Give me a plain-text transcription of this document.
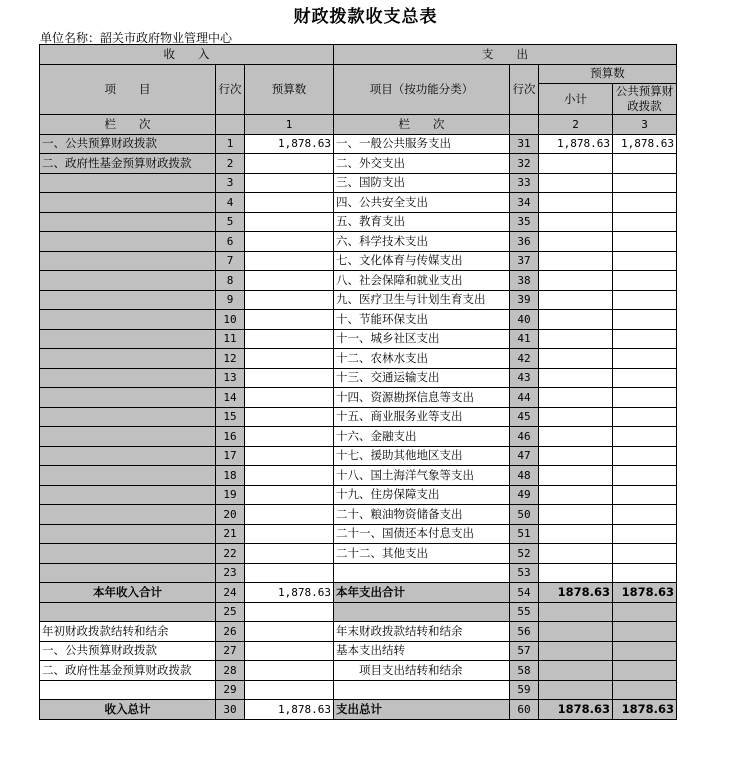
财政拨款收支总表
单位名称：韶关市政府物业管理中心
收　　入			支　　出			
项　　目	行次	预算数	项目（按功能分类）	行次	预算数	
					小计	公共预算财政拨款

栏　　次		1	栏　　次		2	3
一、公共预算财政拨款	1	1,878.63	一、一般公共服务支出	31	1,878.63	1,878.63
二、政府性基金预算财政拨款	2		二、外交支出	32		
	3		三、国防支出	33		
	4		四、公共安全支出	34		
	5		五、教育支出	35		
	6		六、科学技术支出	36		
	7		七、文化体育与传媒支出	37		
	8		八、社会保障和就业支出	38		
	9		九、医疗卫生与计划生育支出	39		
	10		十、节能环保支出	40		
	11		十一、城乡社区支出	41		
	12		十二、农林水支出	42		
	13		十三、交通运输支出	43		
	14		十四、资源勘探信息等支出	44		
	15		十五、商业服务业等支出	45		
	16		十六、金融支出	46		
	17		十七、援助其他地区支出	47		
	18		十八、国土海洋气象等支出	48		
	19		十九、住房保障支出	49		
	20		二十、粮油物资储备支出	50		
	21		二十一、国债还本付息支出	51		
	22		二十二、其他支出	52		
	23			53		
本年收入合计	24	1,878.63	本年支出合计	54	1878.63	1878.63
	25			55		
年初财政拨款结转和结余	26		年末财政拨款结转和结余	56		
一、公共预算财政拨款	27		基本支出结转	57		
二、政府性基金预算财政拨款	28		　　项目支出结转和结余	58		
	29			59		
收入总计	30	1,878.63	支出总计	60	1878.63	1878.63
